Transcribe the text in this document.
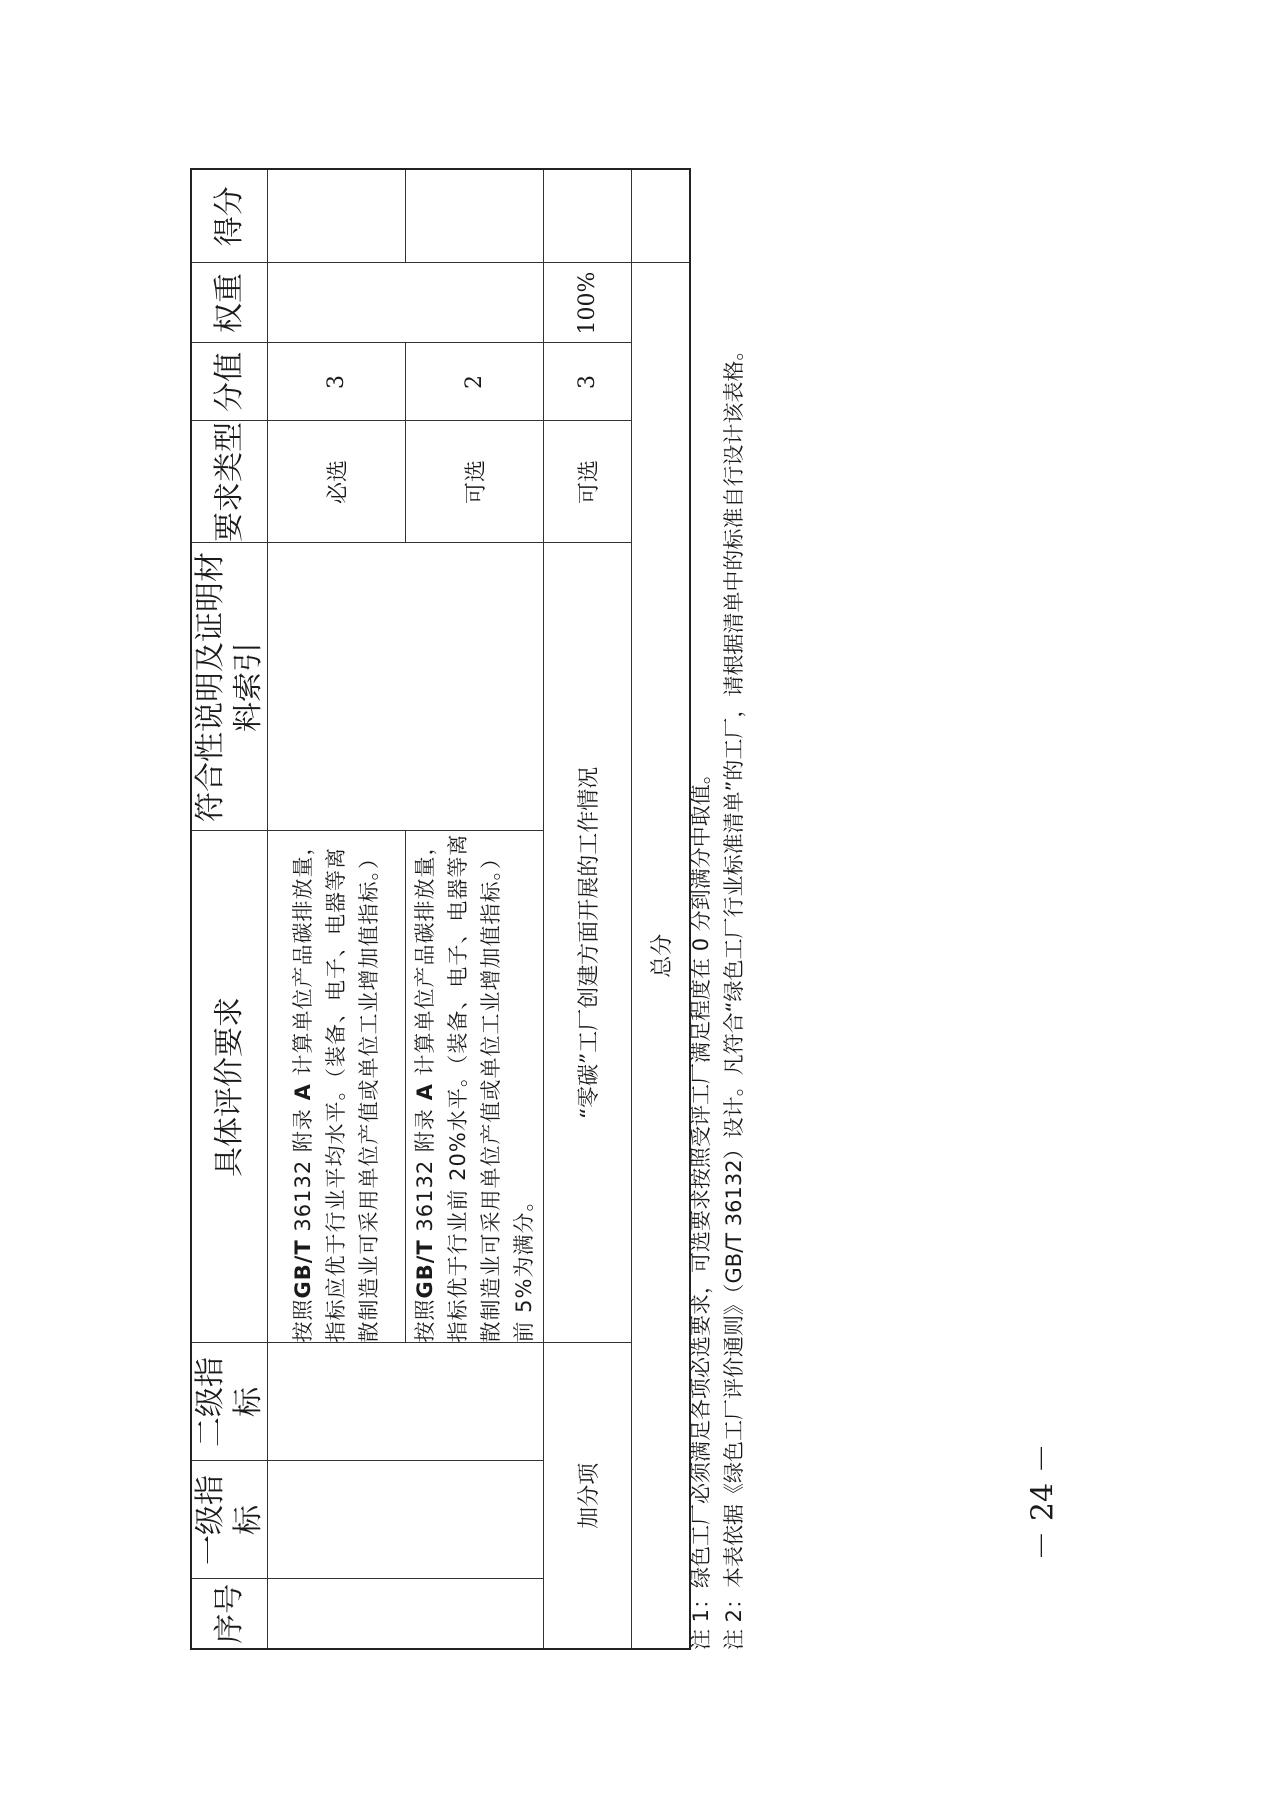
序号	一级指标	二级指标	具体评价要求	符合性说明及证明材料索引	要求类型	分值	权重	得分
			按照GB/T 36132 附录 A 计算单位产品碳排放量，指标应优于行业平均水平。（装备、电子、电器等离散制造业可采用单位产值或单位工业增加值指标。）		必选	3		
			按照GB/T 36132 附录 A 计算单位产品碳排放量，指标优于行业前 20%水平。（装备、电子、电器等离散制造业可采用单位产值或单位工业增加值指标。）前 5%为满分。		可选	2		
加分项			“零碳”工厂创建方面开展的工作情况		可选	3	100%	
总分								注 1：绿色工厂必须满足各项必选要求，可选要求按照受评工厂满足程度在 0 分到满分中取值。 注 2：本表依据《绿色工厂评价通则》（GB/T 36132）设计。凡符合“绿色工厂行业标准清单”的工厂，请根据清单中的标准自行设计该表格。	－ 24 －
